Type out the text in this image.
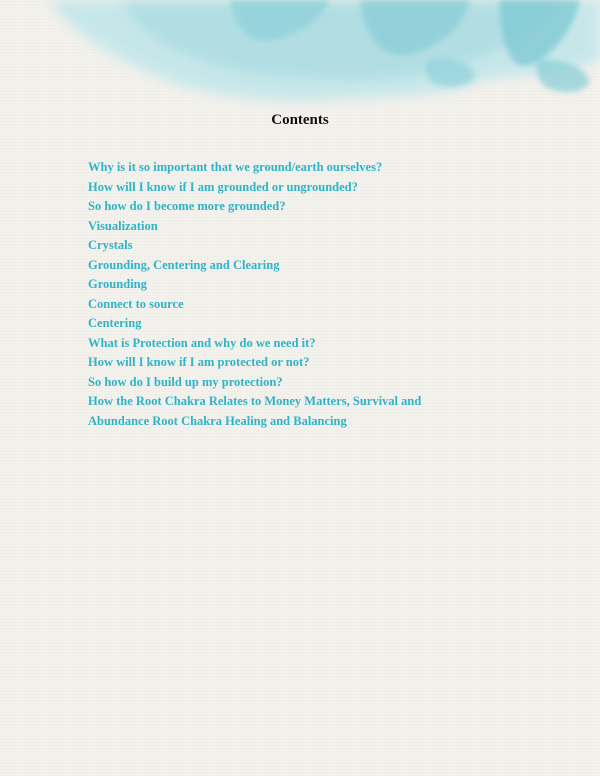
Contents
Why is it so important that we ground/earth ourselves?
How will I know if I am grounded or ungrounded?
So how do I become more grounded?
Visualization
Crystals
Grounding, Centering and Clearing
Grounding
Connect to source
Centering
What is Protection and why do we need it?
How will I know if I am protected or not?
So how do I build up my protection?
How the Root Chakra Relates to Money Matters, Survival and
Abundance Root Chakra Healing and Balancing
